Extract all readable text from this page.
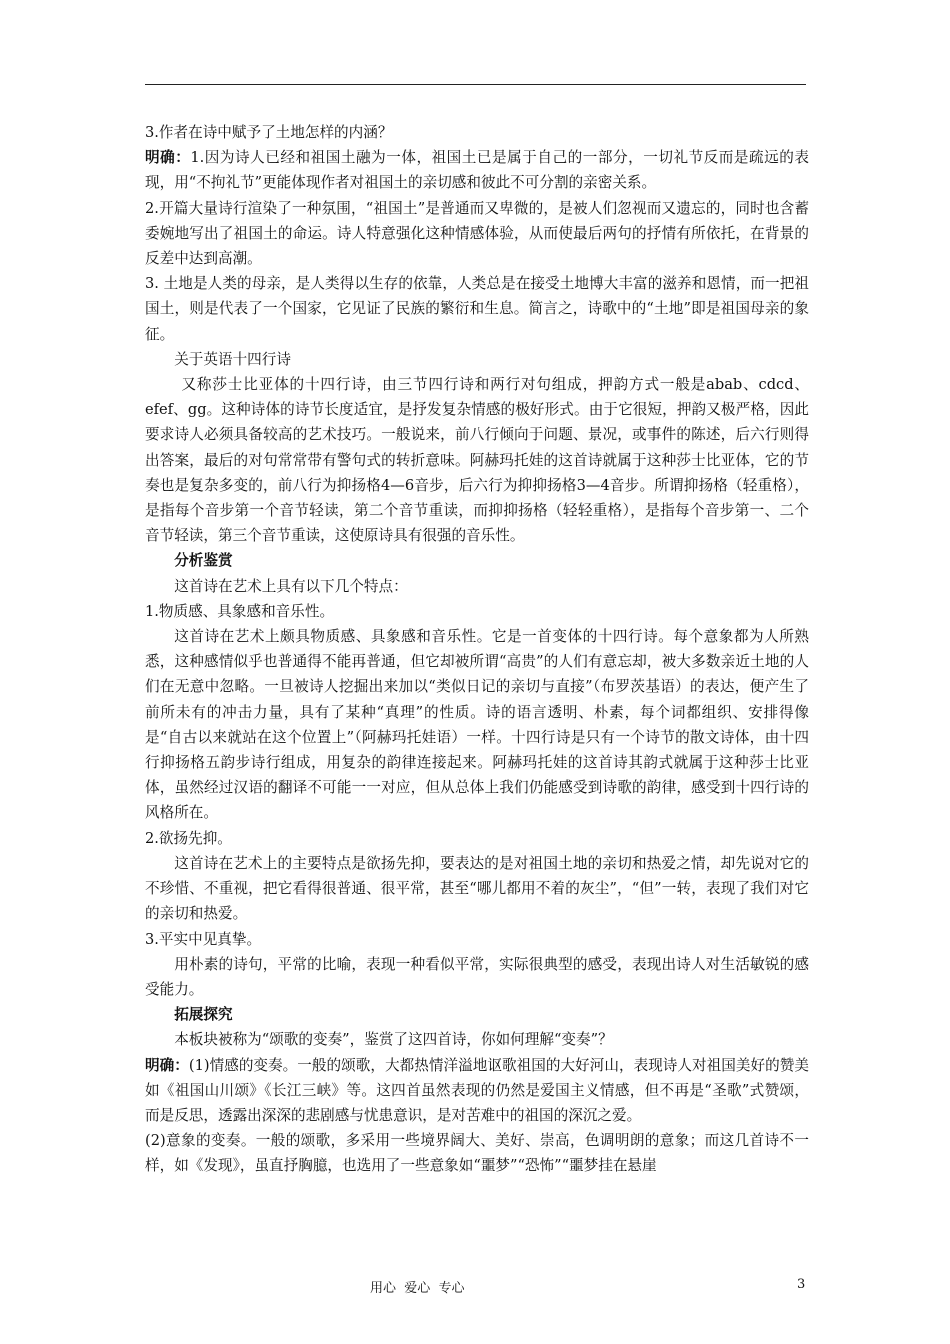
3.作者在诗中赋予了土地怎样的内涵？

明确：1.因为诗人已经和祖国土融为一体，祖国土已是属于自己的一部分，一切礼节反而是疏远的表现，用“不拘礼节”更能体现作者对祖国土的亲切感和彼此不可分割的亲密关系。

2.开篇大量诗行渲染了一种氛围，“祖国土”是普通而又卑微的，是被人们忽视而又遗忘的，同时也含蓄委婉地写出了祖国土的命运。诗人特意强化这种情感体验，从而使最后两句的抒情有所依托，在背景的反差中达到高潮。

3. 土地是人类的母亲，是人类得以生存的依靠，人类总是在接受土地博大丰富的滋养和恩情，而一把祖国土，则是代表了一个国家，它见证了民族的繁衍和生息。简言之，诗歌中的“土地”即是祖国母亲的象征。

关于英语十四行诗

又称莎士比亚体的十四行诗，由三节四行诗和两行对句组成，押韵方式一般是abab、cdcd、efef、gg。这种诗体的诗节长度适宜，是抒发复杂情感的极好形式。由于它很短，押韵又极严格，因此要求诗人必须具备较高的艺术技巧。一般说来，前八行倾向于问题、景况，或事件的陈述，后六行则得出答案，最后的对句常常带有警句式的转折意味。阿赫玛托娃的这首诗就属于这种莎士比亚体，它的节奏也是复杂多变的，前八行为抑扬格4—6音步，后六行为抑抑扬格3—4音步。所谓抑扬格（轻重格），是指每个音步第一个音节轻读，第二个音节重读，而抑抑扬格（轻轻重格），是指每个音步第一、二个音节轻读，第三个音节重读，这使原诗具有很强的音乐性。

分析鉴赏

这首诗在艺术上具有以下几个特点：

1.物质感、具象感和音乐性。

这首诗在艺术上颇具物质感、具象感和音乐性。它是一首变体的十四行诗。每个意象都为人所熟悉，这种感情似乎也普通得不能再普通，但它却被所谓“高贵”的人们有意忘却，被大多数亲近土地的人们在无意中忽略。一旦被诗人挖掘出来加以“类似日记的亲切与直接”（布罗茨基语）的表达，便产生了前所未有的冲击力量，具有了某种“真理”的性质。诗的语言透明、朴素，每个词都组织、安排得像是“自古以来就站在这个位置上”（阿赫玛托娃语）一样。十四行诗是只有一个诗节的散文诗体，由十四行抑扬格五韵步诗行组成，用复杂的韵律连接起来。阿赫玛托娃的这首诗其韵式就属于这种莎士比亚体，虽然经过汉语的翻译不可能一一对应，但从总体上我们仍能感受到诗歌的韵律，感受到十四行诗的风格所在。

2.欲扬先抑。

这首诗在艺术上的主要特点是欲扬先抑，要表达的是对祖国土地的亲切和热爱之情，却先说对它的不珍惜、不重视，把它看得很普通、很平常，甚至“哪儿都用不着的灰尘”，“但”一转，表现了我们对它的亲切和热爱。

3.平实中见真挚。

用朴素的诗句，平常的比喻，表现一种看似平常，实际很典型的感受，表现出诗人对生活敏锐的感受能力。

拓展探究

本板块被称为“颂歌的变奏”，鉴赏了这四首诗，你如何理解“变奏”？

明确：(1)情感的变奏。一般的颂歌，大都热情洋溢地讴歌祖国的大好河山，表现诗人对祖国美好的赞美如《祖国山川颂》《长江三峡》等。这四首虽然表现的仍然是爱国主义情感，但不再是“圣歌”式赞颂，而是反思，透露出深深的悲剧感与忧患意识，是对苦难中的祖国的深沉之爱。

(2)意象的变奏。一般的颂歌，多采用一些境界阔大、美好、崇高，色调明朗的意象；而这几首诗不一样，如《发现》，虽直抒胸臆，也选用了一些意象如“噩梦”“恐怖”“噩梦挂在悬崖

用心  爱心  专心	3
